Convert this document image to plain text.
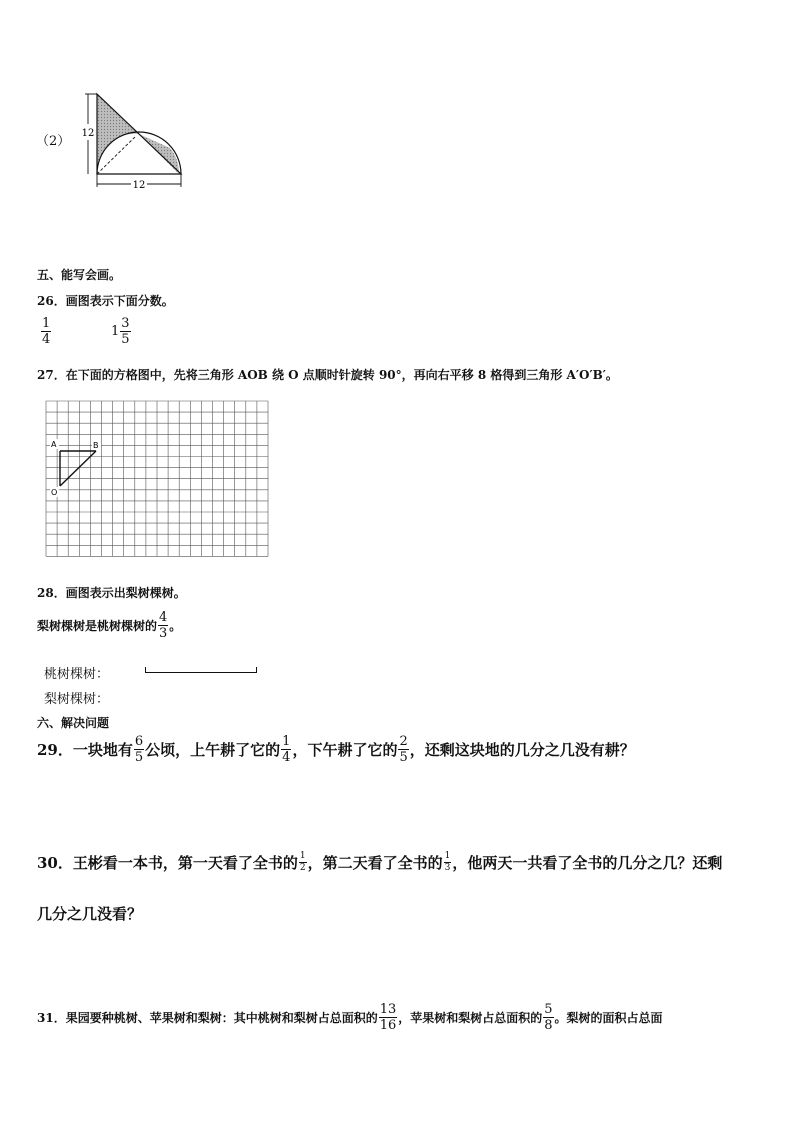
（2）
12
12
五、能写会画。
26．画图表示下面分数。
$\frac{1}{4}$	$1 \frac{3}{5}$
27．在下面的方格图中，先将三角形 AOB 绕 O 点顺时针旋转 90°，再向右平移 8 格得到三角形 A′O′B′。
A	B
O
28．画图表示出梨树棵树。
梨树棵树是桃树棵树的 $\frac{4}{3}$ 。
桃树棵树：
梨树棵树：
六、解决问题
29．一块地有 $\frac{6}{5}$ 公顷，上午耕了它的 $\frac{1}{4}$ ，下午耕了它的 $\frac{2}{5}$ ，还剩这块地的几分之几没有耕？
30．王彬看一本书，第一天看了全书的 $\frac{1}{2}$ ，第二天看了全书的 $\frac{1}{3}$ ，他两天一共看了全书的几分之几？还剩
几分之几没看？
31．果园要种桃树、苹果树和梨树：其中桃树和梨树占总面积的 $\frac{13}{16}$ ，苹果树和梨树占总面积的 $\frac{5}{8}$ 。梨树的面积占总面
